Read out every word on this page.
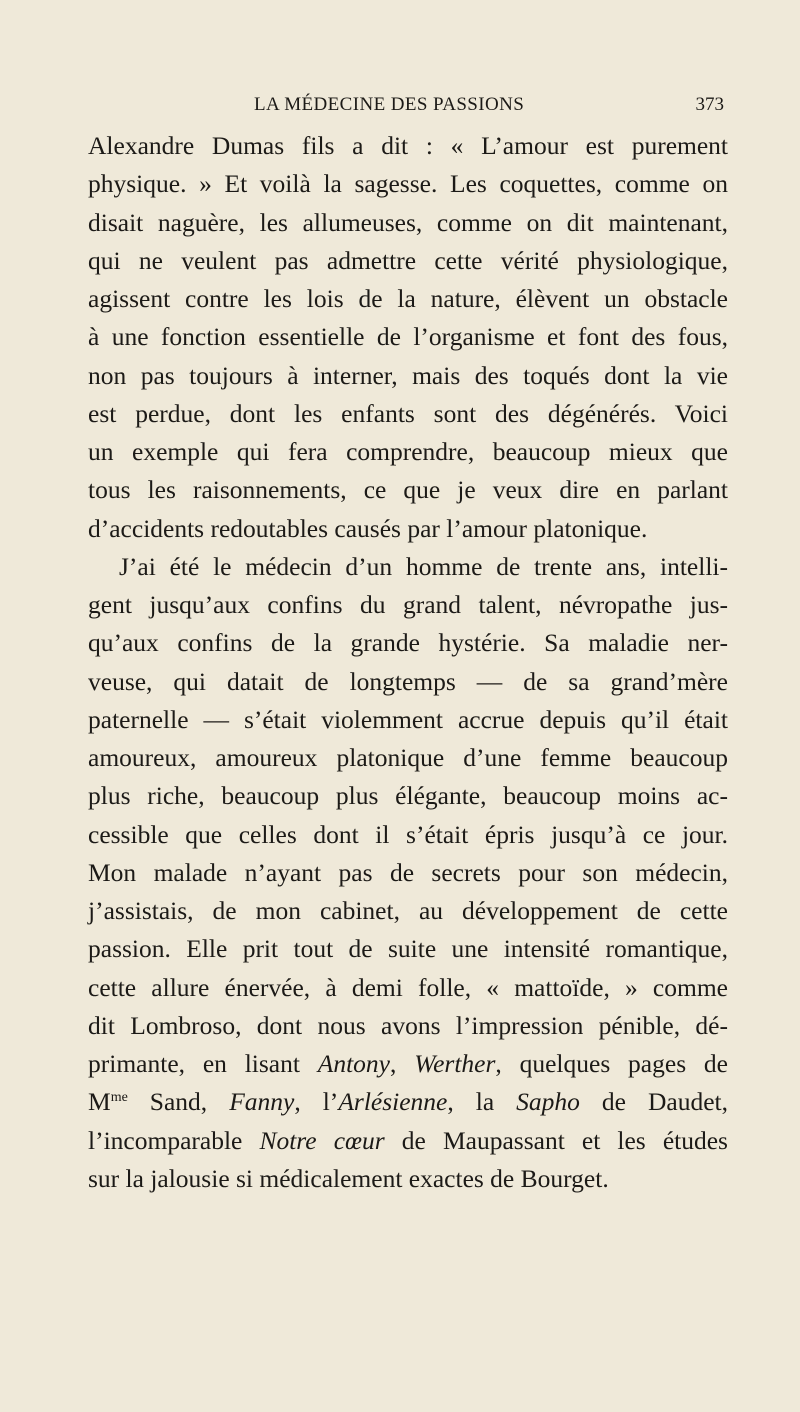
LA MÉDECINE DES PASSIONS	373
Alexandre Dumas fils a dit : « L’amour est purement
physique. » Et voilà la sagesse. Les coquettes, comme on
disait naguère, les allumeuses, comme on dit maintenant,
qui ne veulent pas admettre cette vérité physiologique,
agissent contre les lois de la nature, élèvent un obstacle
à une fonction essentielle de l’organisme et font des fous,
non pas toujours à interner, mais des toqués dont la vie
est perdue, dont les enfants sont des dégénérés. Voici
un exemple qui fera comprendre, beaucoup mieux que
tous les raisonnements, ce que je veux dire en parlant
d’accidents redoutables causés par l’amour platonique.
J’ai été le médecin d’un homme de trente ans, intelli-
gent jusqu’aux confins du grand talent, névropathe jus-
qu’aux confins de la grande hystérie. Sa maladie ner-
veuse, qui datait de longtemps — de sa grand’mère
paternelle — s’était violemment accrue depuis qu’il était
amoureux, amoureux platonique d’une femme beaucoup
plus riche, beaucoup plus élégante, beaucoup moins ac-
cessible que celles dont il s’était épris jusqu’à ce jour.
Mon malade n’ayant pas de secrets pour son médecin,
j’assistais, de mon cabinet, au développement de cette
passion. Elle prit tout de suite une intensité romantique,
cette allure énervée, à demi folle, « mattoïde, » comme
dit Lombroso, dont nous avons l’impression pénible, dé-
primante, en lisant Antony, Werther, quelques pages de
$M^{me}$ Sand, Fanny, l’Arlésienne, la Sapho de Daudet,
l’incomparable Notre cœur de Maupassant et les études
sur la jalousie si médicalement exactes de Bourget.
